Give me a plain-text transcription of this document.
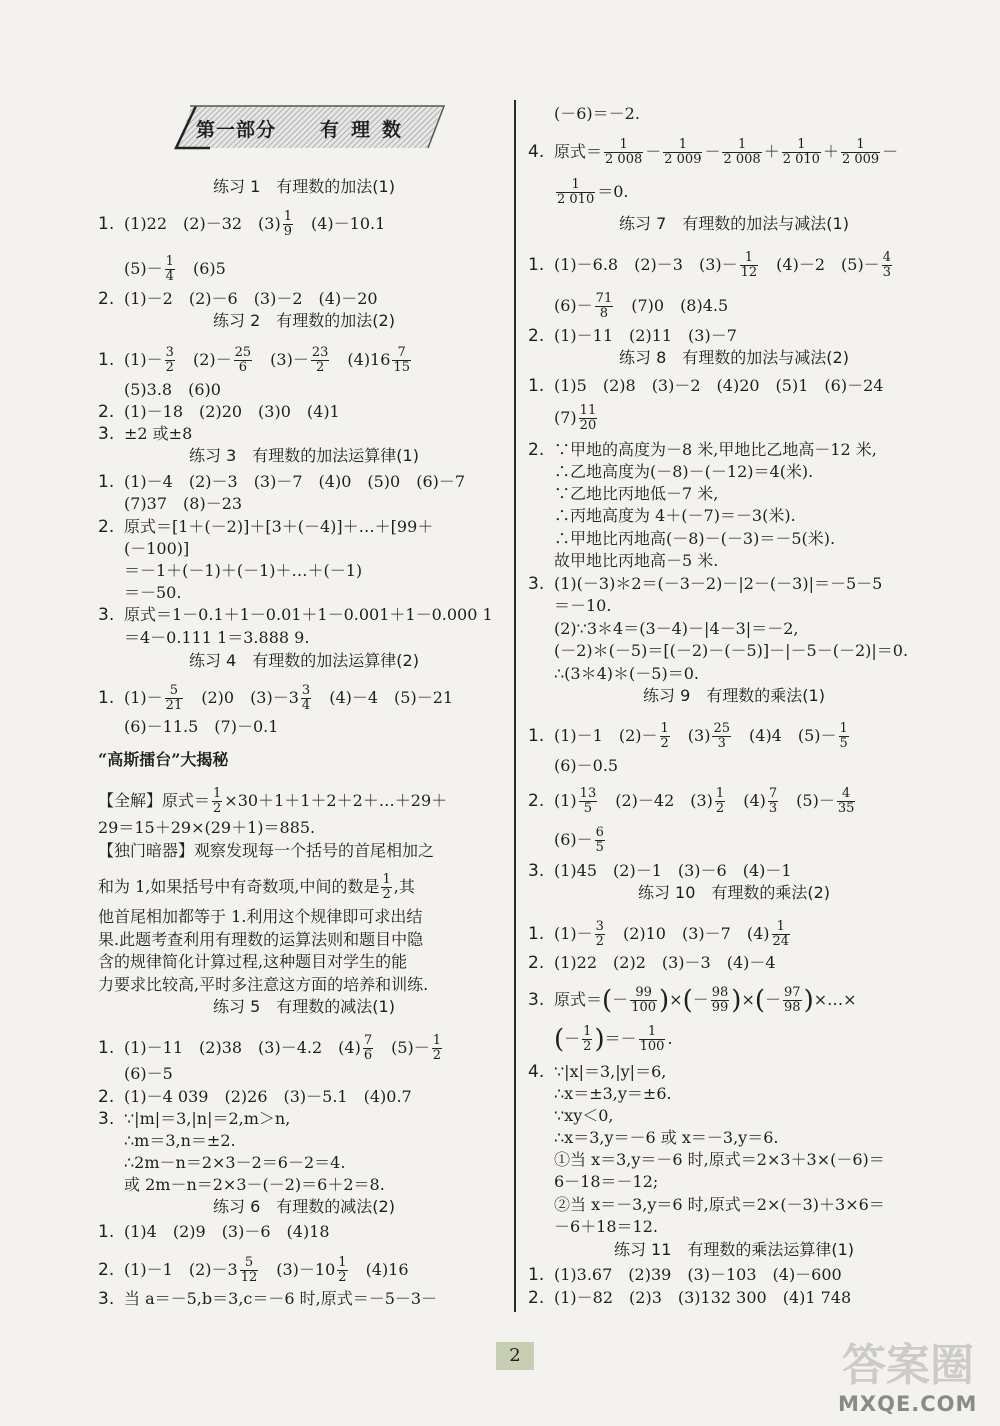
第一部分 有理数
练习 1　有理数的加法(1)
1. (1)22　(2)－32　$(3) \frac{1}{9}$ 　(4)－10.1
$(5)- \frac{1}{4}$ 　(6)5
2. (1)－2　(2)－6　(3)－2　(4)－20
练习 2　有理数的加法(2)
1. $(1)- \frac{3}{2}$ 　$(2)- \frac{25}{6}$ 　$(3)- \frac{23}{2}$ 　$(4)16 \frac{7}{15}$
(5)3.8　(6)0
2. (1)－18　(2)20　(3)0　(4)1
3. ±2 或±8
练习 3　有理数的加法运算律(1)
1. (1)－4　(2)－3　(3)－7　(4)0　(5)0　(6)－7
(7)37　(8)－23
2. 原式＝[1＋(－2)]＋[3＋(－4)]＋…＋[99＋
(－100)]
＝－1＋(－1)＋(－1)＋…＋(－1)
＝－50.
3. 原式＝1－0.1＋1－0.01＋1－0.001＋1－0.000 1
＝4－0.111 1＝3.888 9.
练习 4　有理数的加法运算律(2)
1. $(1)- \frac{5}{21}$ 　(2)0　$(3)-3 \frac{3}{4}$ 　(4)－4　(5)－21
(6)－11.5　(7)－0.1
“高斯擂台”大揭秘
【全解】原式＝ $\frac{1}{2}$ ×30＋1＋1＋2＋2＋…＋29＋
29＝15＋29×(29＋1)＝885.
【独门暗器】观察发现每一个括号的首尾相加之
和为 1,如果括号中有奇数项,中间的数是 $\frac{1}{2}$ ,其
他首尾相加都等于 1.利用这个规律即可求出结
果.此题考查利用有理数的运算法则和题目中隐
含的规律简化计算过程,这种题目对学生的能
力要求比较高,平时多注意这方面的培养和训练.
练习 5　有理数的减法(1)
1. (1)－11　(2)38　(3)－4.2　$(4) \frac{7}{6}$ 　$(5)- \frac{1}{2}$
(6)－5
2. (1)－4 039　(2)26　(3)－5.1　(4)0.7
3. ∵|m|＝3,|n|＝2,m＞n,
∴m＝3,n＝±2.
∴2m－n＝2×3－2＝6－2＝4.
或 2m－n＝2×3－(－2)＝6＋2＝8.
练习 6　有理数的减法(2)
1. (1)4　(2)9　(3)－6　(4)18
2. (1)－1　$(2)-3 \frac{5}{12}$ 　$(3)-10 \frac{1}{2}$ 　(4)16
3. 当 a＝－5,b＝3,c＝－6 时,原式＝－5－3－
(－6)＝－2.
4. 原式＝ $\frac{1}{2 008} - \frac{1}{2 009} - \frac{1}{2 008} + \frac{1}{2 010} + \frac{1}{2 009}$ －
$\frac{1}{2 010} =0$.
练习 7　有理数的加法与减法(1)
1. (1)－6.8　(2)－3　$(3)- \frac{1}{12}$ 　(4)－2　$(5)- \frac{4}{3}$
$(6)- \frac{71}{8}$ 　(7)0　(8)4.5
2. (1)－11　(2)11　(3)－7
练习 8　有理数的加法与减法(2)
1. (1)5　(2)8　(3)－2　(4)20　(5)1　(6)－24
$(7) \frac{11}{20}$
2. ∵甲地的高度为－8 米,甲地比乙地高－12 米,
∴乙地高度为(－8)－(－12)＝4(米).
∵乙地比丙地低－7 米,
∴丙地高度为 4＋(－7)＝－3(米).
∴甲地比丙地高(－8)－(－3)＝－5(米).
故甲地比丙地高－5 米.
3. (1)(－3)＊2＝(－3－2)－|2－(－3)|＝－5－5
＝－10.
(2)∵3＊4＝(3－4)－|4－3|＝－2,
(－2)＊(－5)＝[(－2)－(－5)]－|－5－(－2)|＝0.
∴(3＊4)＊(－5)＝0.
练习 9　有理数的乘法(1)
1. (1)－1　$(2)- \frac{1}{2}$ 　$(3) \frac{25}{3}$ 　(4)4　$(5)- \frac{1}{5}$
(6)－0.5
2. $(1) \frac{13}{5}$ 　(2)－42　$(3) \frac{1}{2}$ 　$(4) \frac{7}{3}$ 　$(5)- \frac{4}{35}$
$(6)- \frac{6}{5}$
3. (1)45　(2)－1　(3)－6　(4)－1
练习 10　有理数的乘法(2)
1. $(1)- \frac{3}{2}$ 　(2)10　(3)－7　$(4) \frac{1}{24}$
2. (1)22　(2)2　(3)－3　(4)－4
3. 原式＝(－ $\frac{99}{100}$ )×(－ $\frac{98}{99}$ )×(－ $\frac{97}{98}$ )×…×
(－ $\frac{1}{2}$ )＝－ $\frac{1}{100}$ .
4. ∵|x|＝3,|y|＝6,
∴x＝±3,y＝±6.
∵xy＜0,
∴x＝3,y＝－6 或 x＝－3,y＝6.
①当 x＝3,y＝－6 时,原式＝2×3＋3×(－6)＝
6－18＝－12;
②当 x＝－3,y＝6 时,原式＝2×(－3)＋3×6＝
－6＋18＝12.
练习 11　有理数的乘法运算律(1)
1. (1)3.67　(2)39　(3)－103　(4)－600
2. (1)－82　(2)3　(3)132 300　(4)1 748
2	答案圈
MXQE.COM
